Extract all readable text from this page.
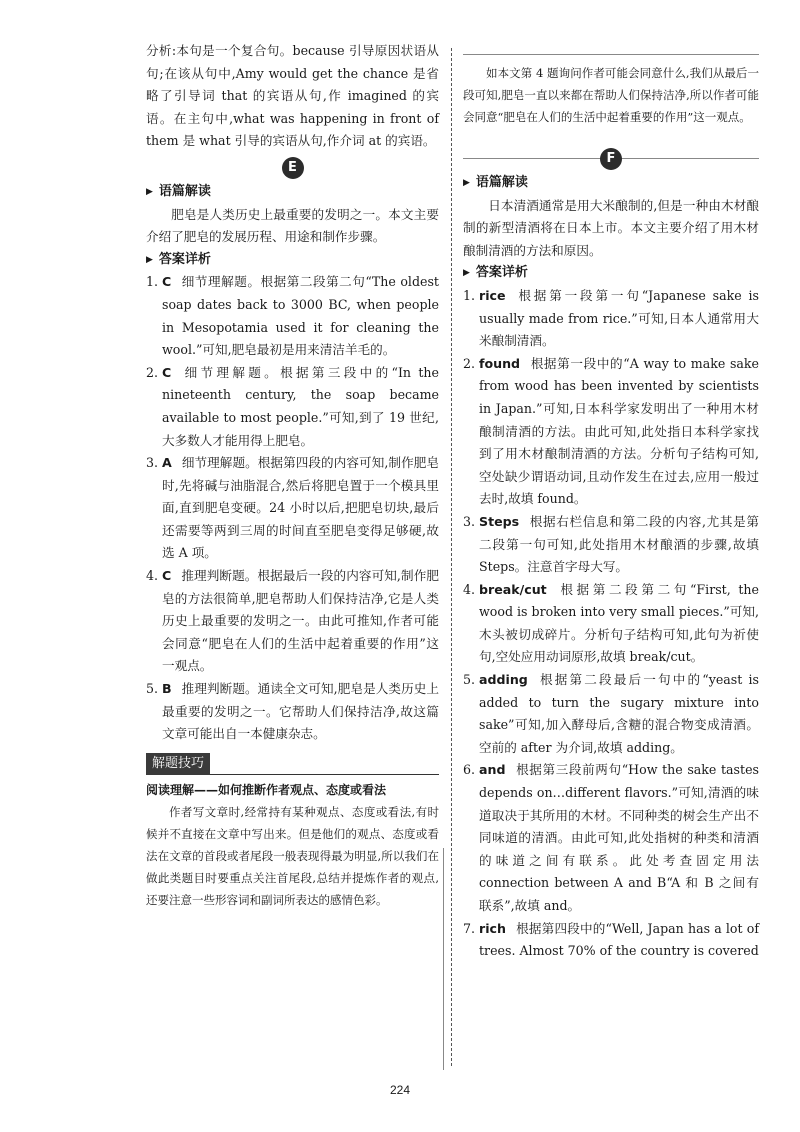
分析:本句是一个复合句。because 引导原因状语从句;在该从句中,Amy would get the chance 是省略了引导词 that 的宾语从句,作 imagined 的宾语。在主句中,what was happening in front of them 是 what 引导的宾语从句,作介词 at 的宾语。

E
▶ 语篇解读

肥皂是人类历史上最重要的发明之一。本文主要介绍了肥皂的发展历程、用途和制作步骤。

▶ 答案详析
1. C 细节理解题。根据第二段第二句“The oldest soap dates back to 3000 BC, when people in Mesopotamia used it for cleaning the wool.”可知,肥皂最初是用来清洁羊毛的。
2. C 细节理解题。根据第三段中的“In the nineteenth century, the soap became available to most people.”可知,到了 19 世纪,大多数人才能用得上肥皂。
3. A 细节理解题。根据第四段的内容可知,制作肥皂时,先将碱与油脂混合,然后将肥皂置于一个模具里面,直到肥皂变硬。24 小时以后,把肥皂切块,最后还需要等两到三周的时间直至肥皂变得足够硬,故选 A 项。
4. C 推理判断题。根据最后一段的内容可知,制作肥皂的方法很简单,肥皂帮助人们保持洁净,它是人类历史上最重要的发明之一。由此可推知,作者可能会同意“肥皂在人们的生活中起着重要的作用”这一观点。
5. B 推理判断题。通读全文可知,肥皂是人类历史上最重要的发明之一。它帮助人们保持洁净,故这篇文章可能出自一本健康杂志。
解题技巧
阅读理解——如何推断作者观点、态度或看法

作者写文章时,经常持有某种观点、态度或看法,有时候并不直接在文章中写出来。但是他们的观点、态度或看法在文章的首段或者尾段一般表现得最为明显,所以我们在做此类题目时要重点关注首尾段,总结并提炼作者的观点,还要注意一些形容词和副词所表达的感情色彩。

如本文第 4 题询问作者可能会同意什么,我们从最后一段可知,肥皂一直以来都在帮助人们保持洁净,所以作者可能会同意“肥皂在人们的生活中起着重要的作用”这一观点。

F
▶ 语篇解读

日本清酒通常是用大米酿制的,但是一种由木材酿制的新型清酒将在日本上市。本文主要介绍了用木材酿制清酒的方法和原因。

▶ 答案详析
1. rice 根据第一段第一句“Japanese sake is usually made from rice.”可知,日本人通常用大米酿制清酒。
2. found 根据第一段中的“A way to make sake from wood has been invented by scientists in Japan.”可知,日本科学家发明出了一种用木材酿制清酒的方法。由此可知,此处指日本科学家找到了用木材酿制清酒的方法。分析句子结构可知,空处缺少谓语动词,且动作发生在过去,应用一般过去时,故填 found。
3. Steps 根据右栏信息和第二段的内容,尤其是第二段第一句可知,此处指用木材酿酒的步骤,故填 Steps。注意首字母大写。
4. break/cut 根据第二段第二句“First, the wood is broken into very small pieces.”可知,木头被切成碎片。分析句子结构可知,此句为祈使句,空处应用动词原形,故填 break/cut。
5. adding 根据第二段最后一句中的“yeast is added to turn the sugary mixture into sake”可知,加入酵母后,含糖的混合物变成清酒。空前的 after 为介词,故填 adding。
6. and 根据第三段前两句“How the sake tastes depends on…different flavors.”可知,清酒的味道取决于其所用的木材。不同种类的树会生产出不同味道的清酒。由此可知,此处指树的种类和清酒的味道之间有联系。此处考查固定用法 connection between A and B“A 和 B 之间有联系”,故填 and。
7. rich 根据第四段中的“Well, Japan has a lot of trees. Almost 70% of the country is covered
224
